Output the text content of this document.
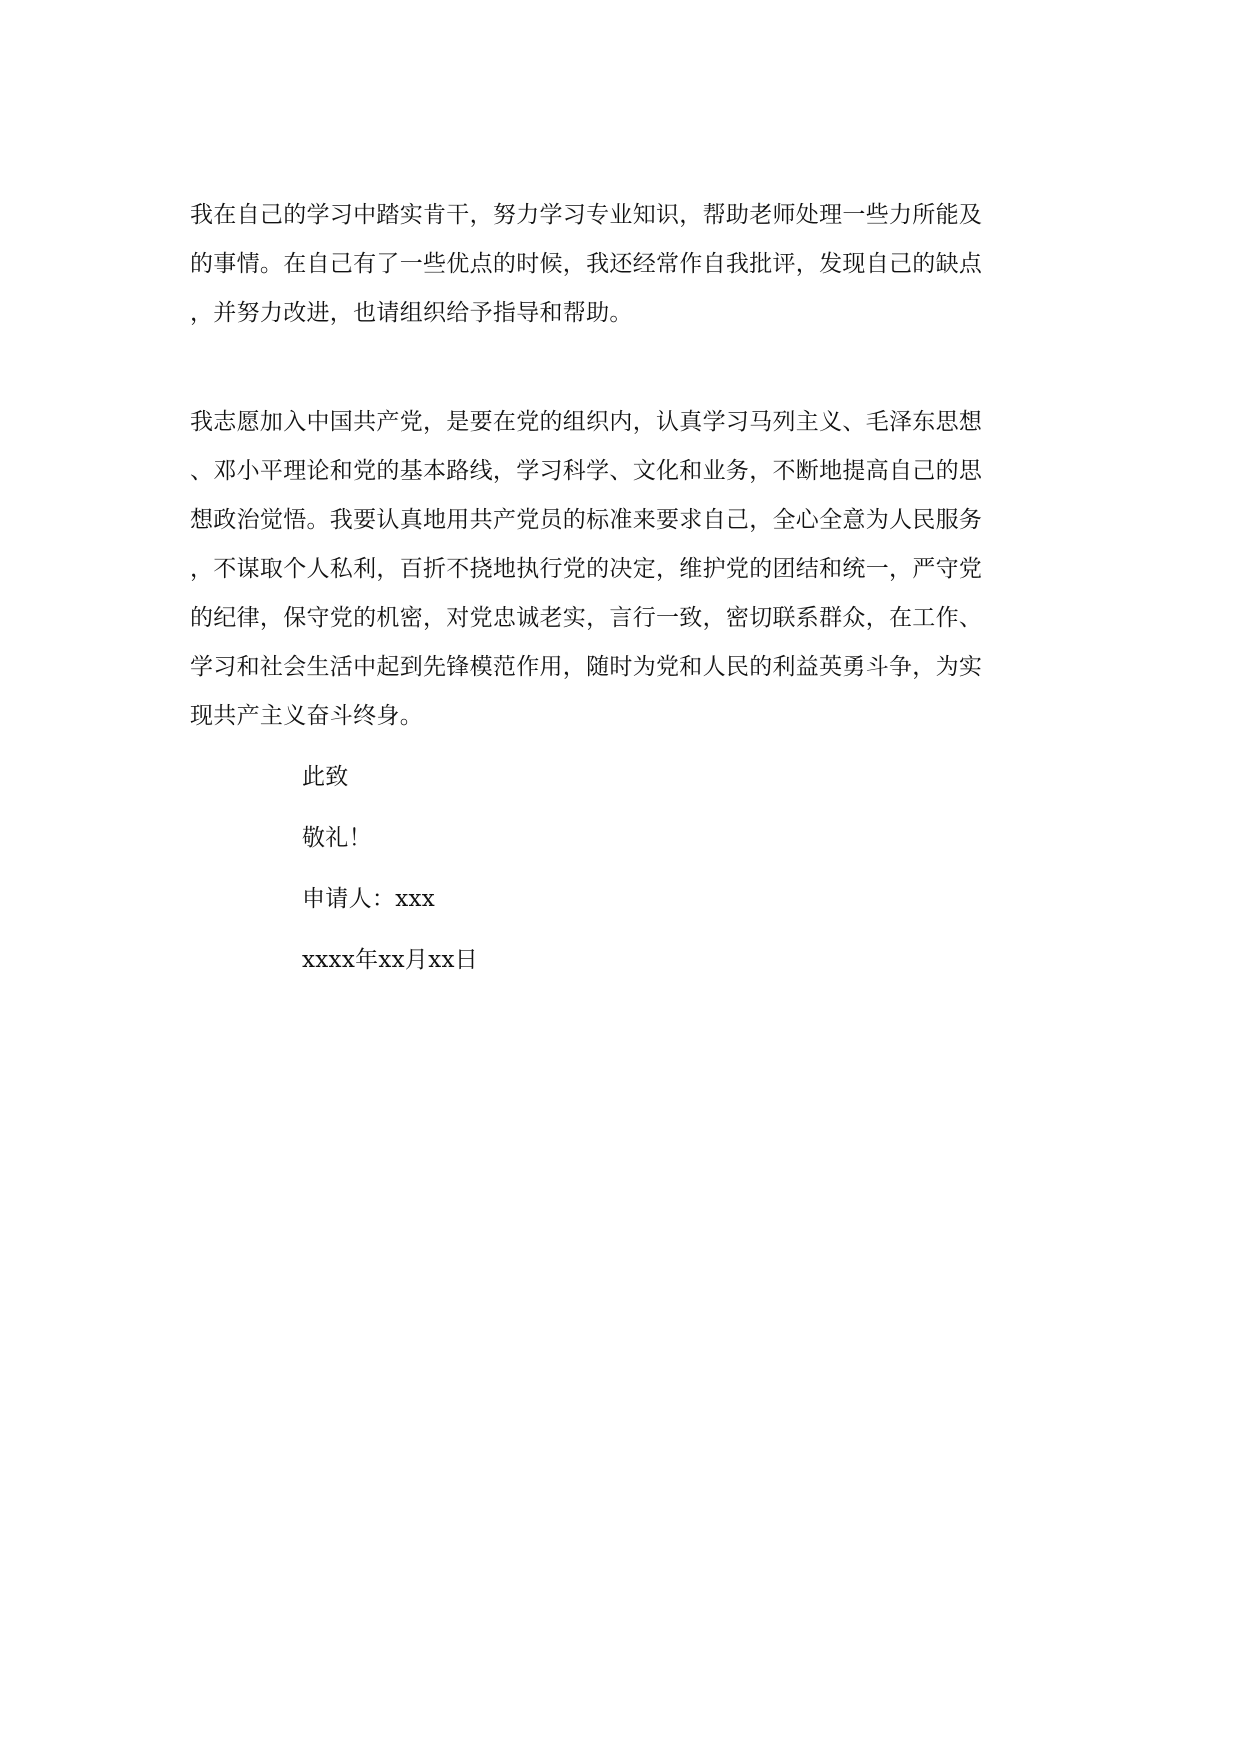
我在自己的学习中踏实肯干，努力学习专业知识，帮助老师处理一些力所能及
的事情。在自己有了一些优点的时候，我还经常作自我批评，发现自己的缺点
，并努力改进，也请组织给予指导和帮助。
我志愿加入中国共产党，是要在党的组织内，认真学习马列主义、毛泽东思想
、邓小平理论和党的基本路线，学习科学、文化和业务，不断地提高自己的思
想政治觉悟。我要认真地用共产党员的标准来要求自己，全心全意为人民服务
，不谋取个人私利，百折不挠地执行党的决定，维护党的团结和统一，严守党
的纪律，保守党的机密，对党忠诚老实，言行一致，密切联系群众，在工作、
学习和社会生活中起到先锋模范作用，随时为党和人民的利益英勇斗争，为实
现共产主义奋斗终身。
此致
敬礼！
申请人：xxx
xxxx年xx月xx日
